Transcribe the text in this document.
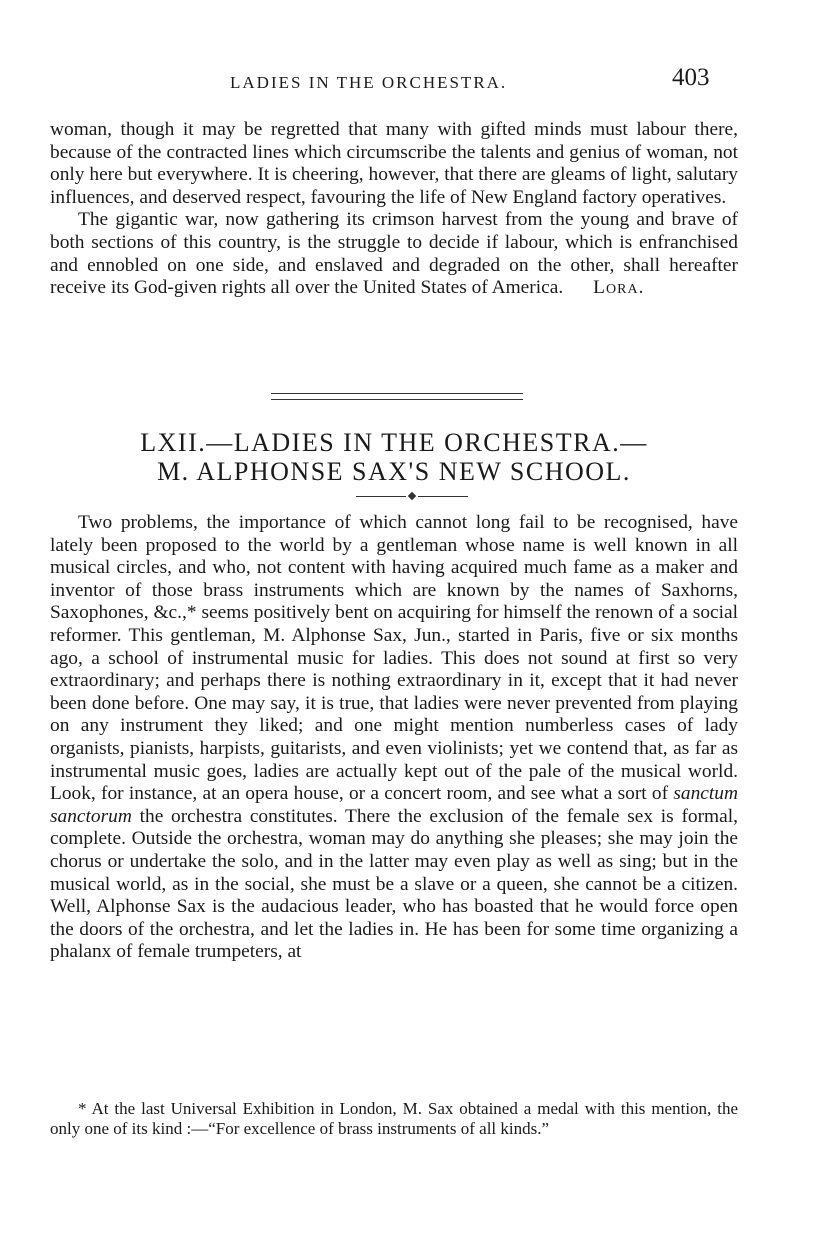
LADIES IN THE ORCHESTRA.	403

woman, though it may be regretted that many with gifted minds must labour there, because of the contracted lines which circumscribe the talents and genius of woman, not only here but everywhere. It is cheering, however, that there are gleams of light, salutary influences, and deserved respect, favouring the life of New England factory operatives.

The gigantic war, now gathering its crimson harvest from the young and brave of both sections of this country, is the struggle to decide if labour, which is enfranchised and ennobled on one side, and enslaved and degraded on the other, shall hereafter receive its God-given rights all over the United States of America. Lora.

LXII.—LADIES IN THE ORCHESTRA.—
M. ALPHONSE SAX'S NEW SCHOOL.

Two problems, the importance of which cannot long fail to be recognised, have lately been proposed to the world by a gentleman whose name is well known in all musical circles, and who, not content with having acquired much fame as a maker and inventor of those brass instruments which are known by the names of Saxhorns, Saxophones, &c.,* seems positively bent on acquiring for himself the renown of a social reformer. This gentleman, M. Alphonse Sax, Jun., started in Paris, five or six months ago, a school of instrumental music for ladies. This does not sound at first so very extraordinary; and perhaps there is nothing extraordinary in it, except that it had never been done before. One may say, it is true, that ladies were never prevented from playing on any instrument they liked; and one might mention numberless cases of lady organists, pianists, harpists, guitarists, and even violinists; yet we contend that, as far as instrumental music goes, ladies are actually kept out of the pale of the musical world. Look, for instance, at an opera house, or a concert room, and see what a sort of sanctum sanctorum the orchestra constitutes. There the exclusion of the female sex is formal, complete. Outside the orchestra, woman may do anything she pleases; she may join the chorus or undertake the solo, and in the latter may even play as well as sing; but in the musical world, as in the social, she must be a slave or a queen, she cannot be a citizen. Well, Alphonse Sax is the audacious leader, who has boasted that he would force open the doors of the orchestra, and let the ladies in. He has been for some time organizing a phalanx of female trumpeters, at

* At the last Universal Exhibition in London, M. Sax obtained a medal with this mention, the only one of its kind :—“For excellence of brass instruments of all kinds.”
